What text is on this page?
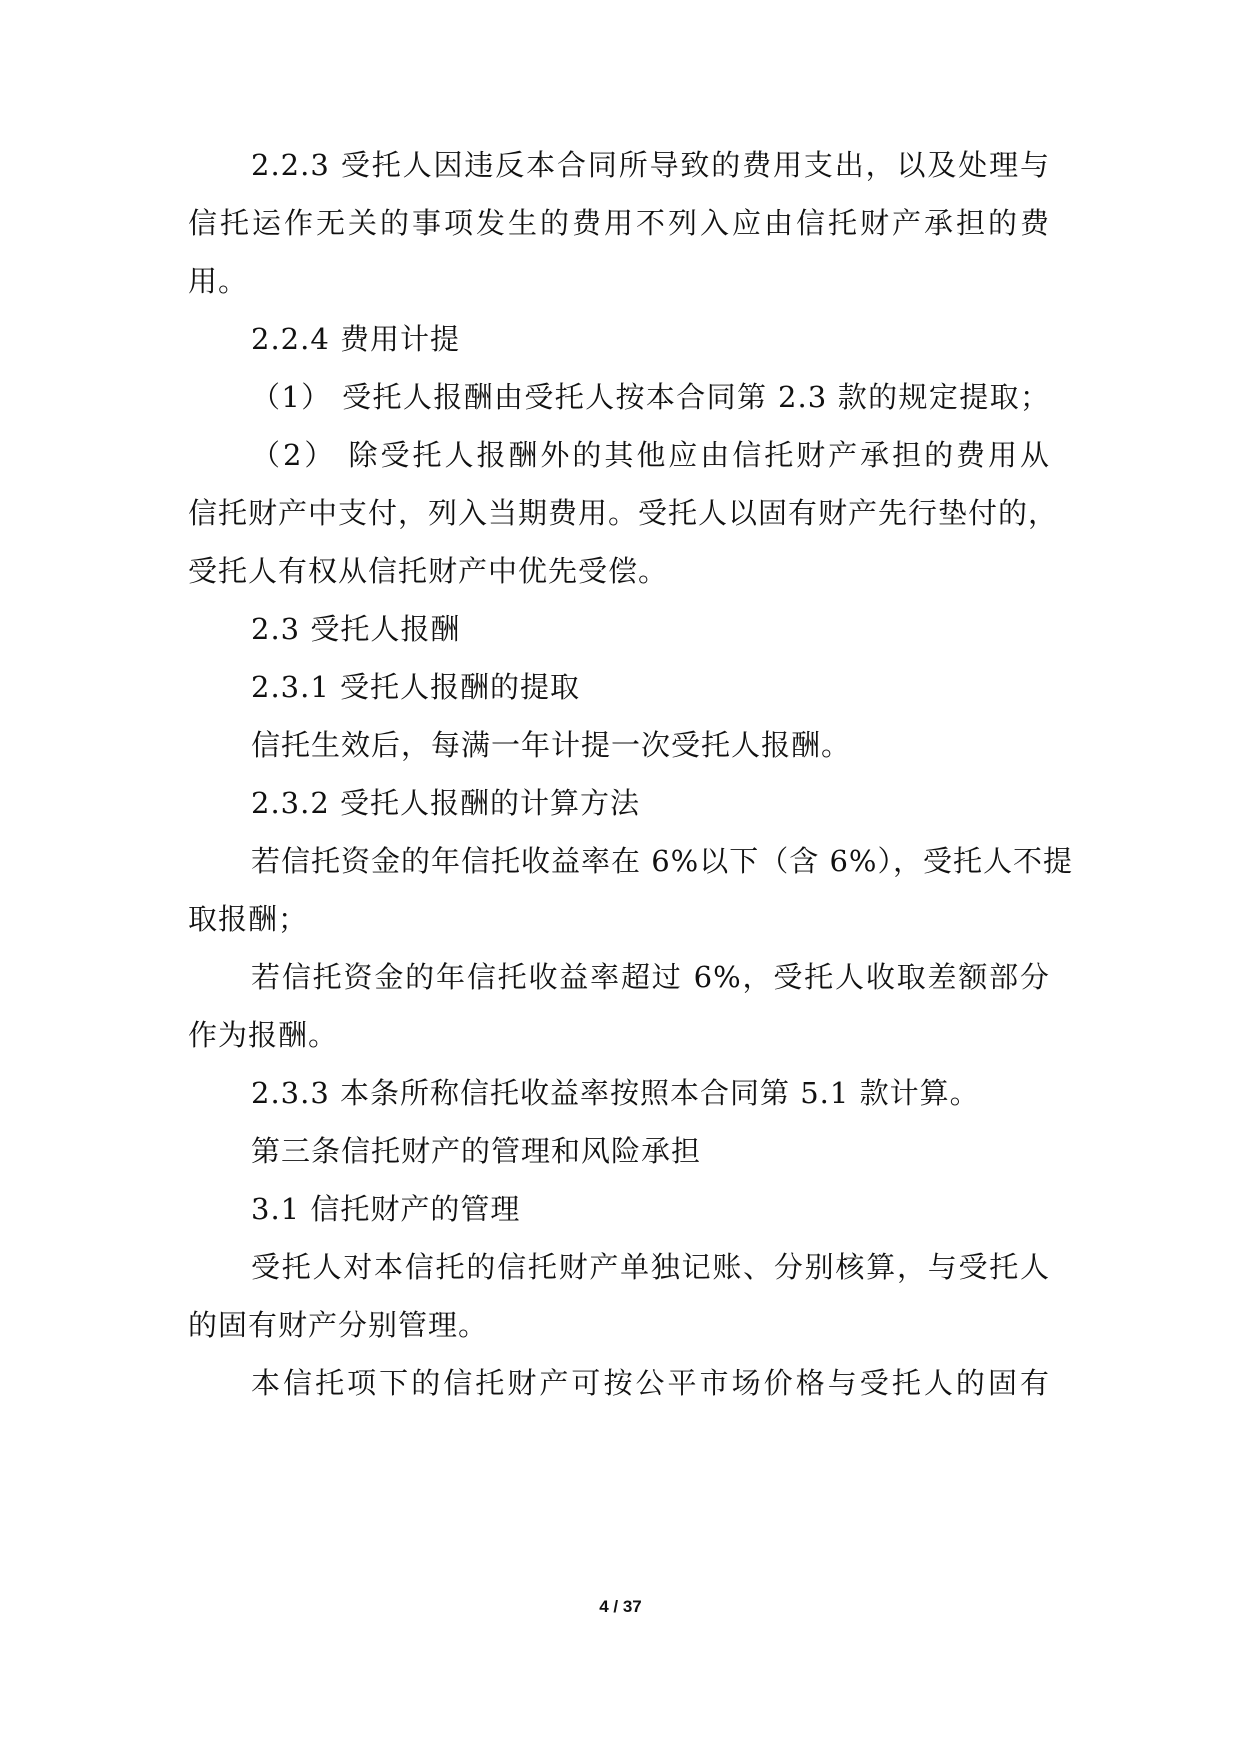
2.2.3 受托人因违反本合同所导致的费用支出，以及处理与

信托运作无关的事项发生的费用不列入应由信托财产承担的费

用。

2.2.4 费用计提

（1） 受托人报酬由受托人按本合同第 2.3 款的规定提取；

（2） 除受托人报酬外的其他应由信托财产承担的费用从

信托财产中支付，列入当期费用。受托人以固有财产先行垫付的，

受托人有权从信托财产中优先受偿。

2.3 受托人报酬

2.3.1 受托人报酬的提取

信托生效后，每满一年计提一次受托人报酬。

2.3.2 受托人报酬的计算方法

若信托资金的年信托收益率在 6%以下（含 6%），受托人不提

取报酬；

若信托资金的年信托收益率超过 6%，受托人收取差额部分

作为报酬。

2.3.3 本条所称信托收益率按照本合同第 5.1 款计算。

第三条信托财产的管理和风险承担

3.1 信托财产的管理

受托人对本信托的信托财产单独记账、分别核算，与受托人

的固有财产分别管理。

本信托项下的信托财产可按公平市场价格与受托人的固有

4 / 37
